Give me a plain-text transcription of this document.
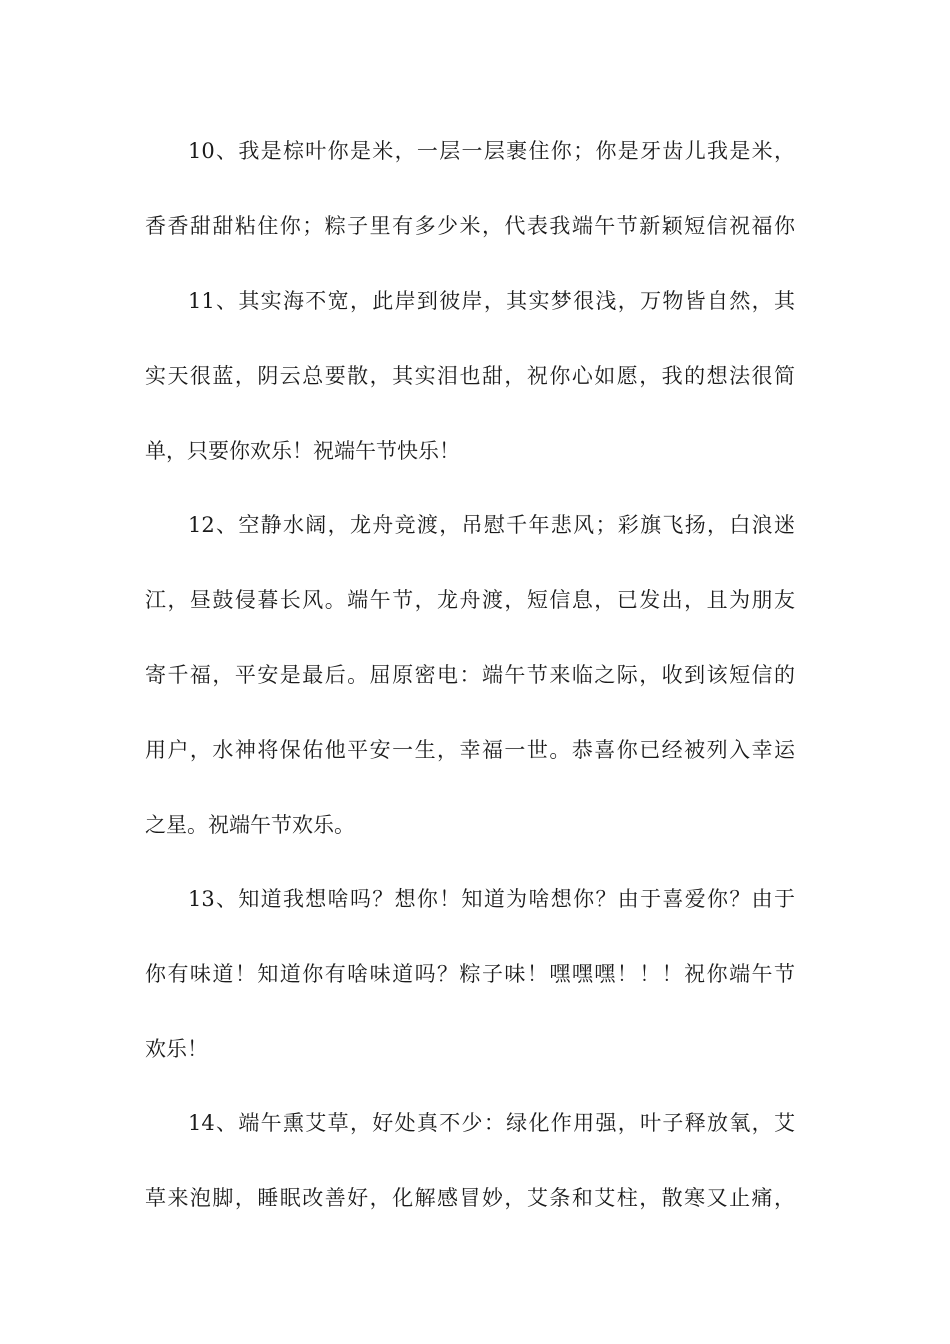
10、我是棕叶你是米，一层一层裹住你；你是牙齿儿我是米，
香香甜甜粘住你；粽子里有多少米，代表我端午节新颖短信祝福你
11、其实海不宽，此岸到彼岸，其实梦很浅，万物皆自然，其
实天很蓝，阴云总要散，其实泪也甜，祝你心如愿，我的想法很简
单，只要你欢乐！祝端午节快乐！
12、空静水阔，龙舟竞渡，吊慰千年悲风；彩旗飞扬，白浪迷
江，昼鼓侵暮长风。端午节，龙舟渡，短信息，已发出，且为朋友
寄千福，平安是最后。屈原密电：端午节来临之际，收到该短信的
用户，水神将保佑他平安一生，幸福一世。恭喜你已经被列入幸运
之星。祝端午节欢乐。
13、知道我想啥吗？想你！知道为啥想你？由于喜爱你？由于
你有味道！知道你有啥味道吗？粽子味！嘿嘿嘿！！！祝你端午节
欢乐！
14、端午熏艾草，好处真不少：绿化作用强，叶子释放氧，艾
草来泡脚，睡眠改善好，化解感冒妙，艾条和艾柱，散寒又止痛，
